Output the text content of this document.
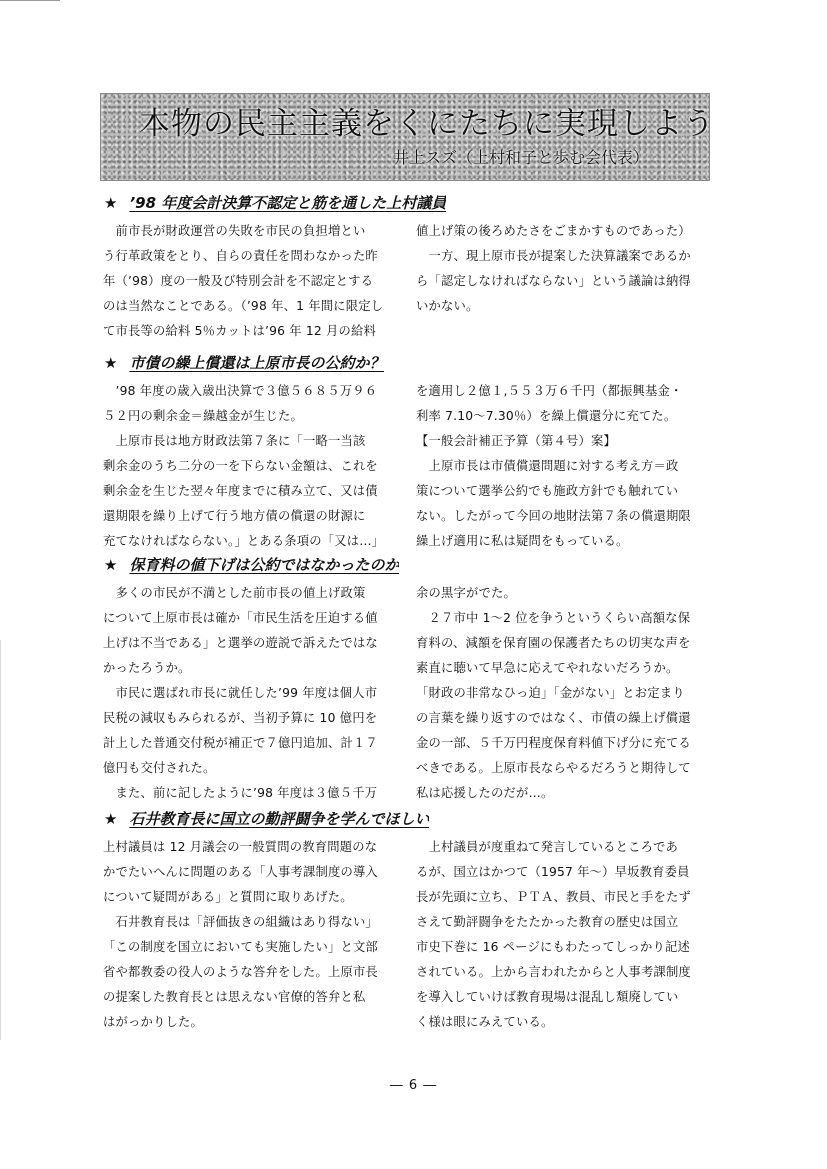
本物の民主主義をくにたちに実現しよう
井上スズ（上村和子と歩む会代表）
★ ’98 年度会計決算不認定と筋を通した上村議員

　前市長が財政運営の失敗を市民の負担増とい

う行革政策をとり、自らの責任を問わなかった昨

年（’98）度の一般及び特別会計を不認定とする

のは当然なことである。（’98 年、1 年間に限定し

て市長等の給料 5％カットは’96 年 12 月の給料

値上げ策の後ろめたさをごまかすものであった）

　一方、現上原市長が提案した決算議案であるか

ら「認定しなければならない」という議論は納得

いかない。

★ 市債の繰上償還は上原市長の公約か？

　’98 年度の歳入歳出決算で３億５６８５万９６

５２円の剰余金＝繰越金が生じた。

　上原市長は地方財政法第７条に「一略一当該

剰余金のうち二分の一を下らない金額は、これを

剰余金を生じた翌々年度までに積み立て、又は債

還期限を繰り上げて行う地方債の償還の財源に

充てなければならない。」とある条項の「又は…」

を適用し２億１,５５３万６千円（都振興基金・

利率 7.10〜7.30％）を繰上償還分に充てた。

【一般会計補正予算（第４号）案】

　上原市長は市債償還問題に対する考え方＝政

策について選挙公約でも施政方針でも触れてい

ない。したがって今回の地財法第７条の償還期限

繰上げ適用に私は疑問をもっている。

★ 保育料の値下げは公約ではなかったのか

　多くの市民が不満とした前市長の値上げ政策

について上原市長は確か「市民生活を圧迫する値

上げは不当である」と選挙の遊説で訴えたではな

かったろうか。

　市民に選ばれ市長に就任した’99 年度は個人市

民税の減収もみられるが、当初予算に 10 億円を

計上した普通交付税が補正で７億円追加、計１７

億円も交付された。

　また、前に記したように’98 年度は３億５千万

余の黒字がでた。

　２７市中 1〜2 位を争うというくらい高額な保

育料の、減額を保育園の保護者たちの切実な声を

素直に聴いて早急に応えてやれないだろうか。

「財政の非常なひっ迫」「金がない」とお定まり

の言葉を繰り返すのではなく、市債の繰上げ償還

金の一部、５千万円程度保育料値下げ分に充てる

べきである。上原市長ならやるだろうと期待して

私は応援したのだが…。

★ 石井教育長に国立の勤評闘争を学んでほしい

上村議員は 12 月議会の一般質問の教育問題のな

かでたいへんに問題のある「人事考課制度の導入

について疑問がある」と質問に取りあげた。

　石井教育長は「評価抜きの組織はあり得ない」

「この制度を国立においても実施したい」と文部

省や都教委の役人のような答弁をした。上原市長

の提案した教育長とは思えない官僚的答弁と私

はがっかりした。

　上村議員が度重ねて発言しているところであ

るが、国立はかつて（1957 年〜）早坂教育委員

長が先頭に立ち、ＰＴＡ、教員、市民と手をたず

さえて勤評闘争をたたかった教育の歴史は国立

市史下巻に 16 ページにもわたってしっかり記述

されている。上から言われたからと人事考課制度

を導入していけば教育現場は混乱し頽廃してい

く様は眼にみえている。

― 6 ―
